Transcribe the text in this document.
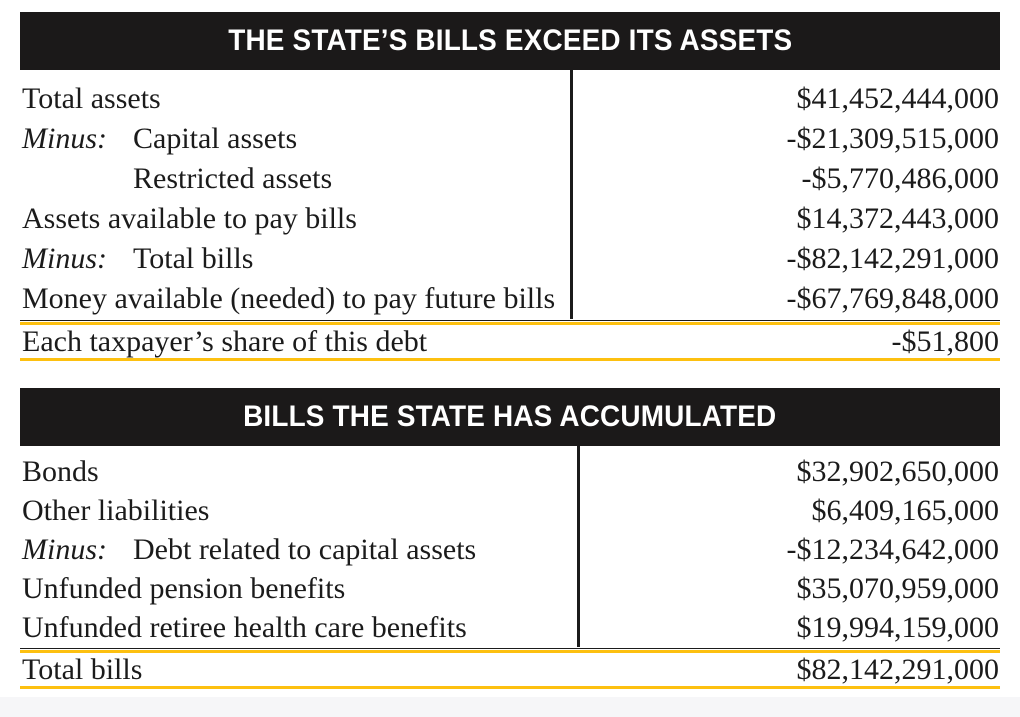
THE STATE’S BILLS EXCEED ITS ASSETS
Total assets	$41,452,444,000
Minus: Capital assets	-$21,309,515,000
Restricted assets	-$5,770,486,000
Assets available to pay bills	$14,372,443,000
Minus: Total bills	-$82,142,291,000
Money available (needed) to pay future bills	-$67,769,848,000
Each taxpayer’s share of this debt	-$51,800
BILLS THE STATE HAS ACCUMULATED
Bonds	$32,902,650,000
Other liabilities	$6,409,165,000
Minus: Debt related to capital assets	-$12,234,642,000
Unfunded pension benefits	$35,070,959,000
Unfunded retiree health care benefits	$19,994,159,000
Total bills	$82,142,291,000
